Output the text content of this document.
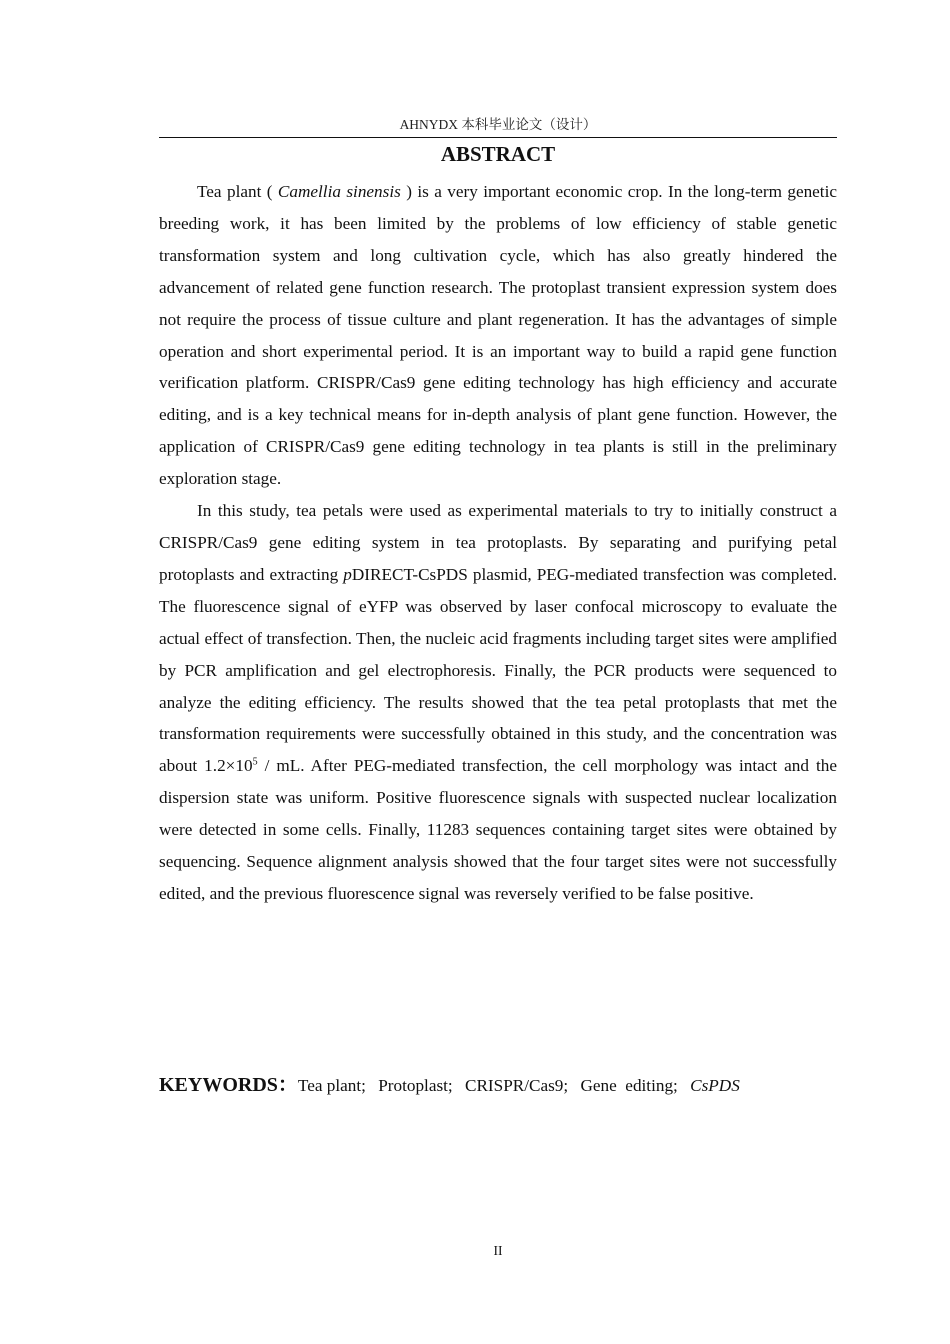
AHNYDX 本科毕业论文（设计）
ABSTRACT

Tea plant ( Camellia sinensis ) is a very important economic crop. In the long-term genetic breeding work, it has been limited by the problems of low efficiency of stable genetic transformation system and long cultivation cycle, which has also greatly hindered the advancement of related gene function research. The protoplast transient expression system does not require the process of tissue culture and plant regeneration. It has the advantages of simple operation and short experimental period. It is an important way to build a rapid gene function verification platform. CRISPR/Cas9 gene editing technology has high efficiency and accurate editing, and is a key technical means for in-depth analysis of plant gene function. However, the application of CRISPR/Cas9 gene editing technology in tea plants is still in the preliminary exploration stage.

In this study, tea petals were used as experimental materials to try to initially construct a CRISPR/Cas9 gene editing system in tea protoplasts. By separating and purifying petal protoplasts and extracting pDIRECT-CsPDS plasmid, PEG-mediated transfection was completed. The fluorescence signal of eYFP was observed by laser confocal microscopy to evaluate the actual effect of transfection. Then, the nucleic acid fragments including target sites were amplified by PCR amplification and gel electrophoresis. Finally, the PCR products were sequenced to analyze the editing efficiency. The results showed that the tea petal protoplasts that met the transformation requirements were successfully obtained in this study, and the concentration was about $1.2\times 10^5$ / mL. After PEG-mediated transfection, the cell morphology was intact and the dispersion state was uniform. Positive fluorescence signals with suspected nuclear localization were detected in some cells. Finally, 11283 sequences containing target sites were obtained by sequencing. Sequence alignment analysis showed that the four target sites were not successfully edited, and the previous fluorescence signal was reversely verified to be false positive.

KEYWORDS：Tea plant; Protoplast; CRISPR/Cas9; Gene  editing; CsPDS
II
